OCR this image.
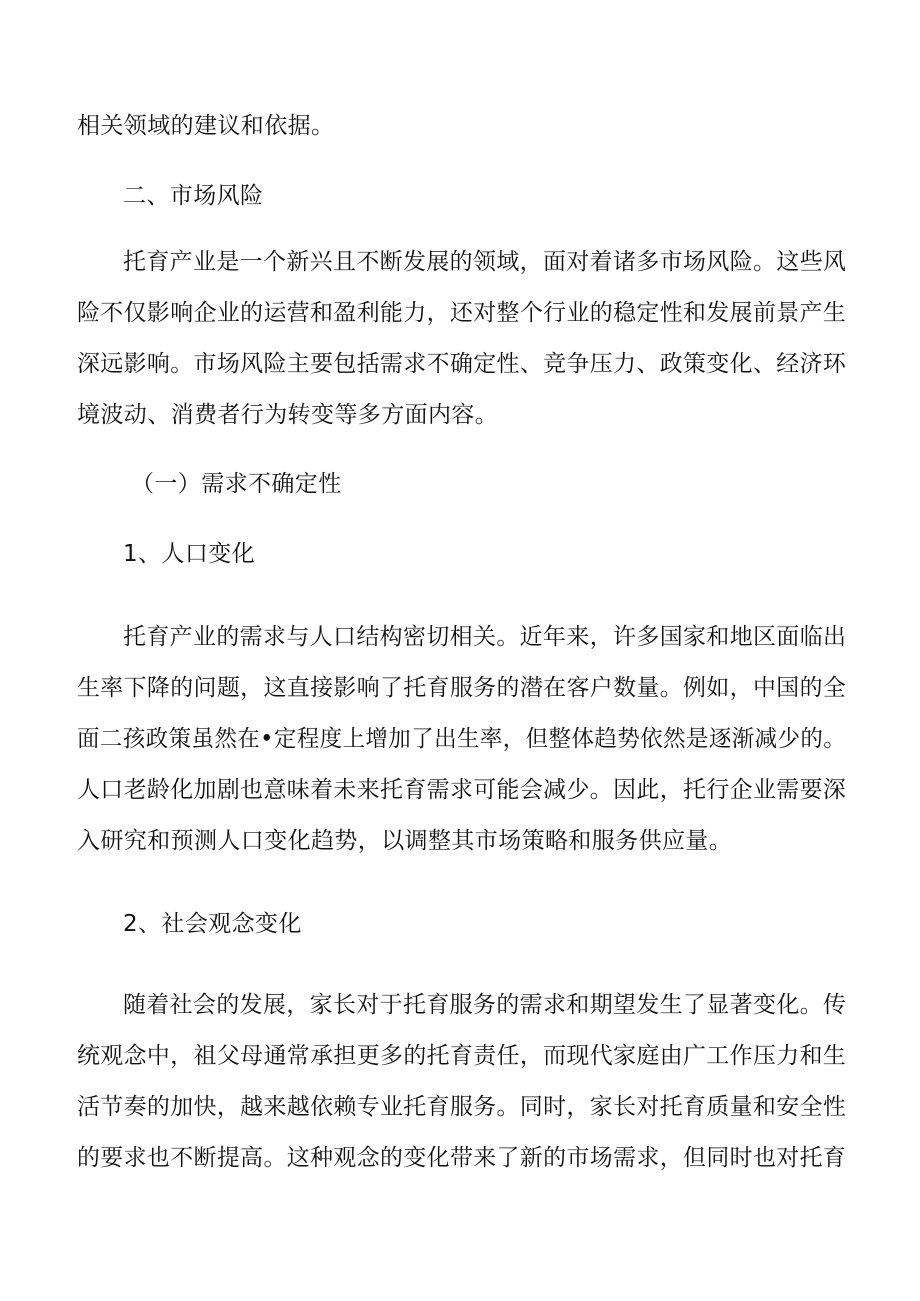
相关领域的建议和依据。
二、市场风险
托育产业是一个新兴且不断发展的领域，面对着诸多市场风险。这些风
险不仅影响企业的运营和盈利能力，还对整个行业的稳定性和发展前景产生
深远影响。市场风险主要包括需求不确定性、竞争压力、政策变化、经济环
境波动、消费者行为转变等多方面内容。
（一）需求不确定性
1、人口变化
托育产业的需求与人口结构密切相关。近年来，许多国家和地区面临出
生率下降的问题，这直接影响了托育服务的潜在客户数量。例如，中国的全
面二孩政策虽然在•定程度上增加了出生率，但整体趋势依然是逐渐减少的。
人口老龄化加剧也意味着未来托育需求可能会减少。因此，托行企业需要深
入研究和预测人口变化趋势，以调整其市场策略和服务供应量。
2、社会观念变化
随着社会的发展，家长对于托育服务的需求和期望发生了显著变化。传
统观念中，祖父母通常承担更多的托育责任，而现代家庭由广工作压力和生
活节奏的加快，越来越依赖专业托育服务。同时，家长对托育质量和安全性
的要求也不断提高。这种观念的变化带来了新的市场需求，但同时也对托育
